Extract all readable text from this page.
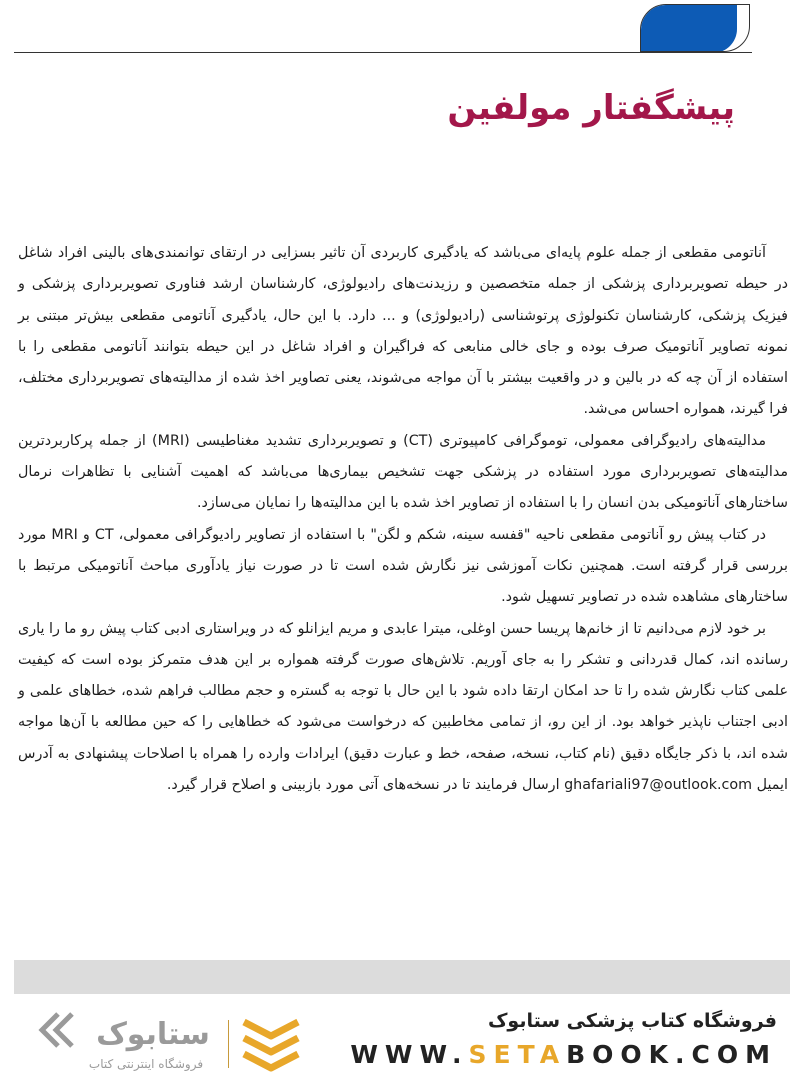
پیشگفتار مولفین

آناتومی مقطعی از جمله علوم پایه‌ای می‌باشد که یادگیری کاربردی آن تاثیر بسزایی در ارتقای توانمندی‌های بالینی افراد شاغل در حیطه تصویربرداری پزشکی از جمله متخصصین و رزیدنت‌های رادیولوژی، کارشناسان ارشد فناوری تصویربرداری پزشکی و فیزیک پزشکی، کارشناسان تکنولوژی پرتوشناسی (رادیولوژی) و ... دارد. با این حال، یادگیری آناتومی مقطعی بیش‌تر مبتنی بر نمونه تصاویر آناتومیک صرف بوده و جای خالی منابعی که فراگیران و افراد شاغل در این حیطه بتوانند آناتومی مقطعی را با استفاده از آن چه که در بالین و در واقعیت بیشتر با آن مواجه می‌شوند، یعنی تصاویر اخذ شده از مدالیته‌های تصویربرداری مختلف، فرا گیرند، همواره احساس می‌شد.

مدالیته‌های رادیوگرافی معمولی، توموگرافی کامپیوتری (CT) و تصویربرداری تشدید مغناطیسی (MRI) از جمله پرکاربردترین مدالیته‌های تصویربرداری مورد استفاده در پزشکی جهت تشخیص بیماری‌ها می‌باشد که اهمیت آشنایی با تظاهرات نرمال ساختارهای آناتومیکی بدن انسان را با استفاده از تصاویر اخذ شده با این مدالیته‌ها را نمایان می‌سازد.

در کتاب پیش رو آناتومی مقطعی ناحیه "قفسه سینه، شکم و لگن" با استفاده از تصاویر رادیوگرافی معمولی، CT و MRI مورد بررسی قرار گرفته است. همچنین نکات آموزشی نیز نگارش شده است تا در صورت نیاز یادآوری مباحث آناتومیکی مرتبط با ساختارهای مشاهده شده در تصاویر تسهیل شود.

بر خود لازم می‌دانیم تا از خانم‌ها پریسا حسن اوغلی، میترا عابدی و مریم ایزانلو که در ویراستاری ادبی کتاب پیش رو ما را یاری رسانده اند، کمال قدردانی و تشکر را به جای آوریم. تلاش‌های صورت گرفته همواره بر این هدف متمرکز بوده است که کیفیت علمی کتاب نگارش شده را تا حد امکان ارتقا داده شود با این حال با توجه به گستره و حجم مطالب فراهم شده، خطاهای علمی و ادبی اجتناب ناپذیر خواهد بود. از این رو، از تمامی مخاطبین که درخواست می‌شود که خطاهایی را که حین مطالعه با آن‌ها مواجه شده اند، با ذکر جایگاه دقیق (نام کتاب، نسخه، صفحه، خط و عبارت دقیق) ایرادات وارده را همراه با اصلاحات پیشنهادی به آدرس ایمیل ghafariali97@outlook.com ارسال فرمایند تا در نسخه‌های آتی مورد بازبینی و اصلاح قرار گیرد.

ستابوک
فروشگاه اینترنتی کتاب

فروشگاه کتاب پزشکی ستابوک

WWW.SETABOOK.COM
